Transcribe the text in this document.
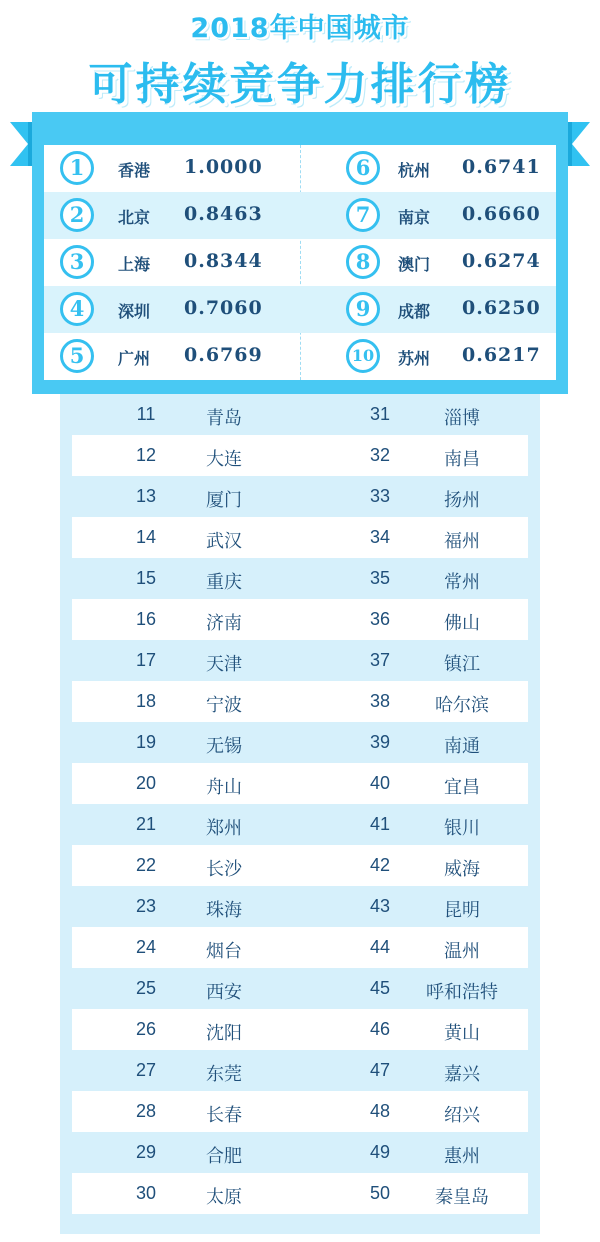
2018年中国城市
可持续竞争力排行榜
1	香港 1.0000	6	杭州 0.6741
2	北京 0.8463	7	南京 0.6660
3	上海 0.8344	8	澳门 0.6274
4	深圳 0.7060	9	成都 0.6250
5	广州 0.6769	10	苏州 0.6217
11	青岛	31	淄博
12	大连	32	南昌
13	厦门	33	扬州
14	武汉	34	福州
15	重庆	35	常州
16	济南	36	佛山
17	天津	37	镇江
18	宁波	38	哈尔滨
19	无锡	39	南通
20	舟山	40	宜昌
21	郑州	41	银川
22	长沙	42	威海
23	珠海	43	昆明
24	烟台	44	温州
25	西安	45	呼和浩特
26	沈阳	46	黄山
27	东莞	47	嘉兴
28	长春	48	绍兴
29	合肥	49	惠州
30	太原	50	秦皇岛
